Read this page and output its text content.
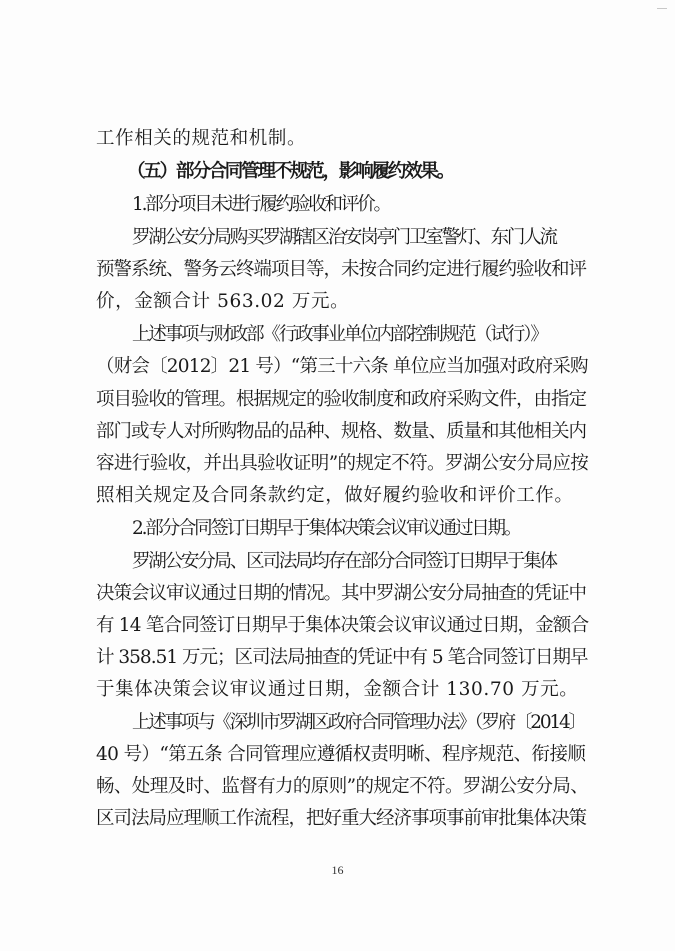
工作相关的规范和机制。
（五）部分合同管理不规范，影响履约效果。
1.部分项目未进行履约验收和评价。
罗湖公安分局购买罗湖辖区治安岗亭门卫室警灯、东门人流
预警系统、警务云终端项目等，未按合同约定进行履约验收和评
价，金额合计 563.02 万元。
上述事项与财政部《行政事业单位内部控制规范（试行）》
（财会〔2012〕21 号）“第三十六条 单位应当加强对政府采购
项目验收的管理。根据规定的验收制度和政府采购文件，由指定
部门或专人对所购物品的品种、规格、数量、质量和其他相关内
容进行验收，并出具验收证明”的规定不符。罗湖公安分局应按
照相关规定及合同条款约定，做好履约验收和评价工作。
2.部分合同签订日期早于集体决策会议审议通过日期。
罗湖公安分局、区司法局均存在部分合同签订日期早于集体
决策会议审议通过日期的情况。其中罗湖公安分局抽查的凭证中
有 14 笔合同签订日期早于集体决策会议审议通过日期，金额合
计 358.51 万元；区司法局抽查的凭证中有 5 笔合同签订日期早
于集体决策会议审议通过日期，金额合计 130.70 万元。
上述事项与《深圳市罗湖区政府合同管理办法》（罗府〔2014〕
40 号）“第五条 合同管理应遵循权责明晰、程序规范、衔接顺
畅、处理及时、监督有力的原则”的规定不符。罗湖公安分局、
区司法局应理顺工作流程，把好重大经济事项事前审批集体决策
16
